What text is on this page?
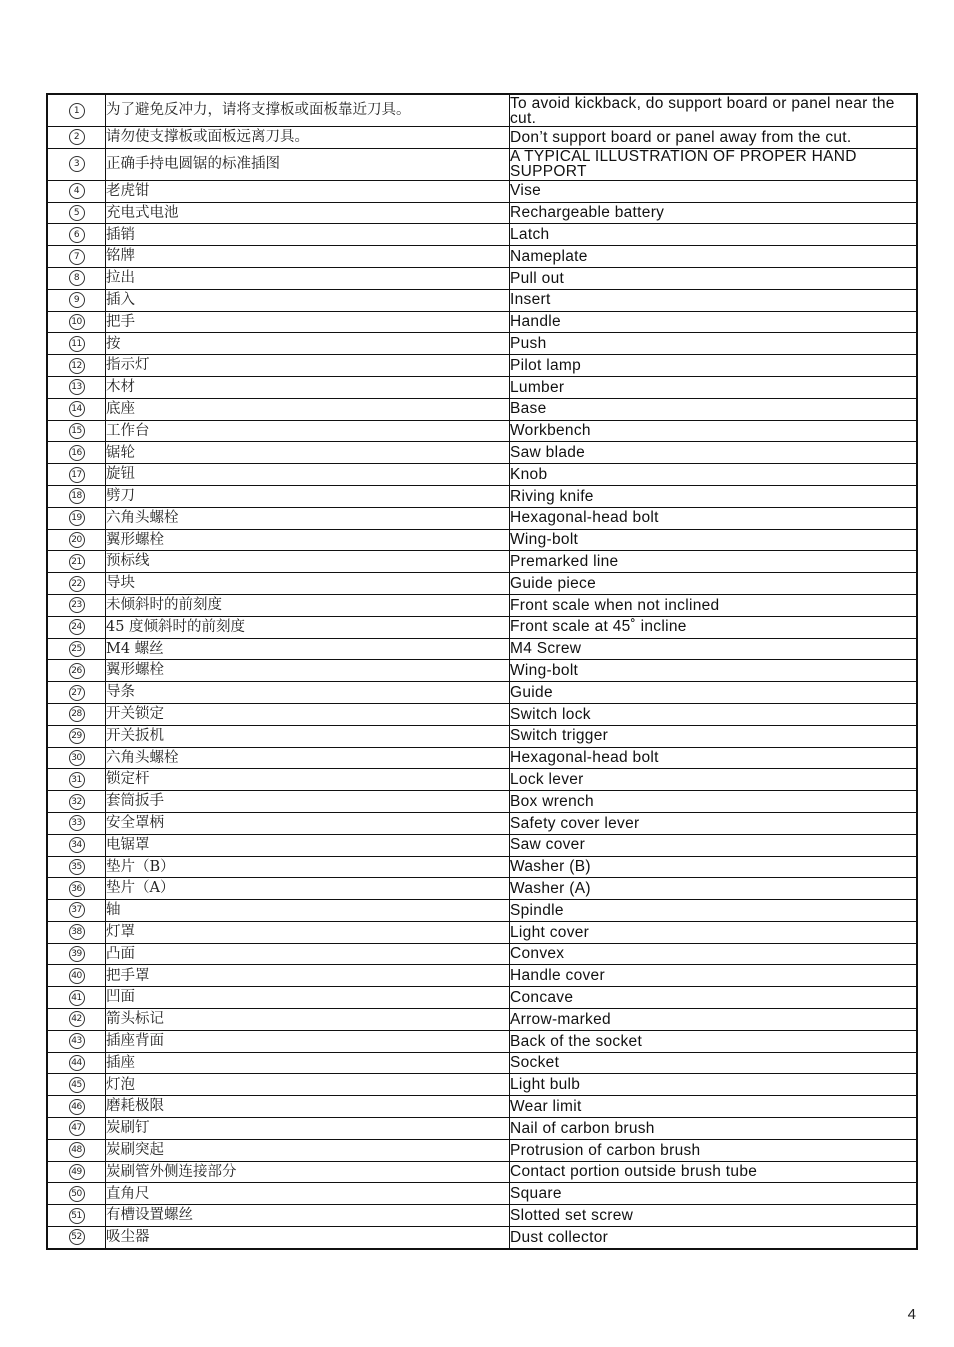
1	为了避免反冲力，请将支撑板或面板靠近刀具。	To avoid kickback, do support board or panel near the cut.
2	请勿使支撑板或面板远离刀具。	Don’t support board or panel away from the cut.
3	正确手持电圆锯的标准插图	A TYPICAL ILLUSTRATION OF PROPER HAND SUPPORT
4	老虎钳	Vise
5	充电式电池	Rechargeable battery
6	插销	Latch
7	铭牌	Nameplate
8	拉出	Pull out
9	插入	Insert
10	把手	Handle
11	按	Push
12	指示灯	Pilot lamp
13	木材	Lumber
14	底座	Base
15	工作台	Workbench
16	锯轮	Saw blade
17	旋钮	Knob
18	劈刀	Riving knife
19	六角头螺栓	Hexagonal-head bolt
20	翼形螺栓	Wing-bolt
21	预标线	Premarked line
22	导块	Guide piece
23	未倾斜时的前刻度	Front scale when not inclined
24	45 度倾斜时的前刻度	Front scale at 45˚ incline
25	M4 螺丝	M4 Screw
26	翼形螺栓	Wing-bolt
27	导条	Guide
28	开关锁定	Switch lock
29	开关扳机	Switch trigger
30	六角头螺栓	Hexagonal-head bolt
31	锁定杆	Lock lever
32	套筒扳手	Box wrench
33	安全罩柄	Safety cover lever
34	电锯罩	Saw cover
35	垫片（B）	Washer (B)
36	垫片（A）	Washer (A)
37	轴	Spindle
38	灯罩	Light cover
39	凸面	Convex
40	把手罩	Handle cover
41	凹面	Concave
42	箭头标记	Arrow-marked
43	插座背面	Back of the socket
44	插座	Socket
45	灯泡	Light bulb
46	磨耗极限	Wear limit
47	炭刷钉	Nail of carbon brush
48	炭刷突起	Protrusion of carbon brush
49	炭刷管外侧连接部分	Contact portion outside brush tube
50	直角尺	Square
51	有槽设置螺丝	Slotted set screw
52	吸尘器	Dust collector
4
